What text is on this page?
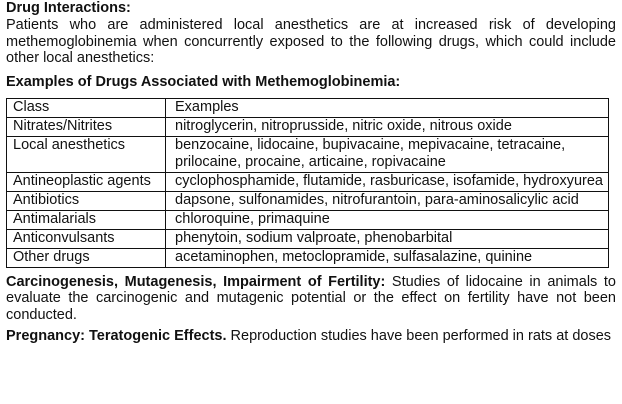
Drug Interactions:

Patients who are administered local anesthetics are at increased risk of developing methemoglobinemia when concurrently exposed to the following drugs, which could include other local anesthetics:

Examples of Drugs Associated with Methemoglobinemia:

Class	Examples
Nitrates/Nitrites	nitroglycerin, nitroprusside, nitric oxide, nitrous oxide
Local anesthetics	benzocaine, lidocaine, bupivacaine, mepivacaine, tetracaine, prilocaine, procaine, articaine, ropivacaine
Antineoplastic agents	cyclophosphamide, flutamide, rasburicase, isofamide, hydroxyurea
Antibiotics	dapsone, sulfonamides, nitrofurantoin, para-aminosalicylic acid
Antimalarials	chloroquine, primaquine
Anticonvulsants	phenytoin, sodium valproate, phenobarbital
Other drugs	acetaminophen, metoclopramide, sulfasalazine, quinine

Carcinogenesis, Mutagenesis, Impairment of Fertility: Studies of lidocaine in animals to evaluate the carcinogenic and mutagenic potential or the effect on fertility have not been conducted.

Pregnancy: Teratogenic Effects. Reproduction studies have been performed in rats at doses
